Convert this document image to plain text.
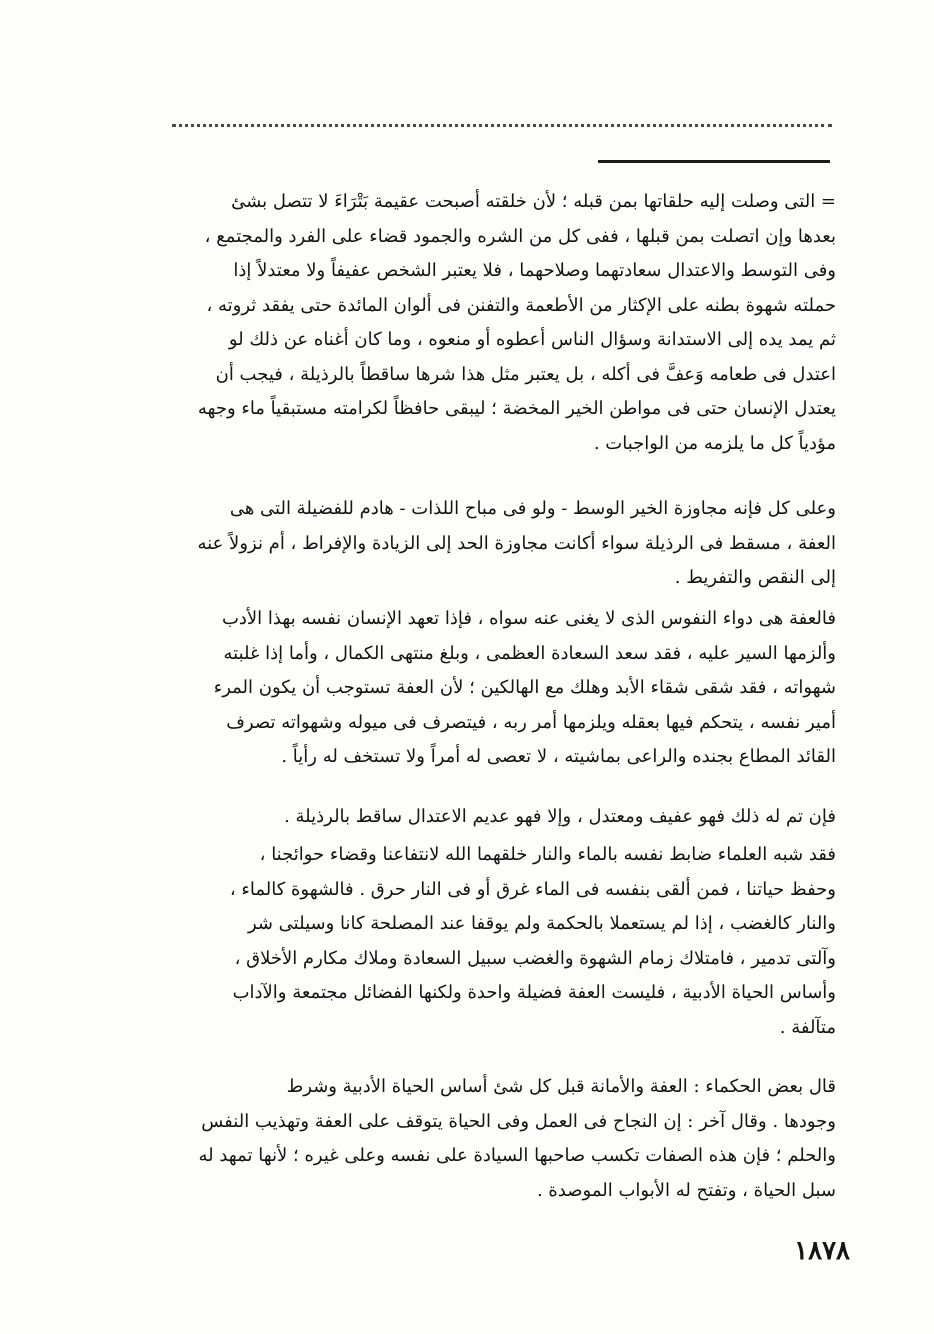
= التى وصلت إليه حلقاتها بمن قبله ؛ لأن خلقته أصبحت عقيمة بَتْرَاءَ لا تتصل بشئ
بعدها وإن اتصلت بمن قبلها ، ففى كل من الشره والجمود قضاء على الفرد والمجتمع ،
وفى التوسط والاعتدال سعادتهما وصلاحهما ، فلا يعتبر الشخص عفيفاً ولا معتدلاً إذا
حملته شهوة بطنه على الإكثار من الأطعمة والتفنن فى ألوان المائدة حتى يفقد ثروته ،
ثم يمد يده إلى الاستدانة وسؤال الناس أعطوه أو منعوه ، وما كان أغناه عن ذلك لو
اعتدل فى طعامه وَعفَّ فى أكله ، بل يعتبر مثل هذا شرها ساقطاً بالرذيلة ، فيجب أن
يعتدل الإنسان حتى فى مواطن الخير المخضة ؛ ليبقى حافظاً لكرامته مستبقياً ماء وجهه
مؤدياً كل ما يلزمه من الواجبات .
وعلى كل فإنه مجاوزة الخير الوسط - ولو فى مباح اللذات - هادم للفضيلة التى هى
العفة ، مسقط فى الرذيلة سواء أكانت مجاوزة الحد إلى الزيادة والإفراط ، أم نزولاً عنه
إلى النقص والتفريط .
فالعفة هى دواء النفوس الذى لا يغنى عنه سواه ، فإذا تعهد الإنسان نفسه بهذا الأدب
وألزمها السير عليه ، فقد سعد السعادة العظمى ، وبلغ منتهى الكمال ، وأما إذا غلبته
شهواته ، فقد شقى شقاء الأبد وهلك مع الهالكين ؛ لأن العفة تستوجب أن يكون المرء
أمير نفسه ، يتحكم فيها بعقله ويلزمها أمر ربه ، فيتصرف فى ميوله وشهواته تصرف
القائد المطاع بجنده والراعى بماشيته ، لا تعصى له أمراً ولا تستخف له رأياً .
فإن تم له ذلك فهو عفيف ومعتدل ، وإلا فهو عديم الاعتدال ساقط بالرذيلة .
فقد شبه العلماء ضابط نفسه بالماء والنار خلقهما الله لانتفاعنا وقضاء حوائجنا ،
وحفظ حياتنا ، فمن ألقى بنفسه فى الماء غرق أو فى النار حرق . فالشهوة كالماء ،
والنار كالغضب ، إذا لم يستعملا بالحكمة ولم يوقفا عند المصلحة كانا وسيلتى شر
وآلتى تدمير ، فامتلاك زمام الشهوة والغضب سبيل السعادة وملاك مكارم الأخلاق ،
وأساس الحياة الأدبية ، فليست العفة فضيلة واحدة ولكنها الفضائل مجتمعة والآداب
متآلفة .
قال بعض الحكماء : العفة والأمانة قبل كل شئ أساس الحياة الأدبية وشرط
وجودها . وقال آخر : إن النجاح فى العمل وفى الحياة يتوقف على العفة وتهذيب النفس
والحلم ؛ فإن هذه الصفات تكسب صاحبها السيادة على نفسه وعلى غيره ؛ لأنها تمهد له
سبل الحياة ، وتفتح له الأبواب الموصدة .
١٨٧٨
